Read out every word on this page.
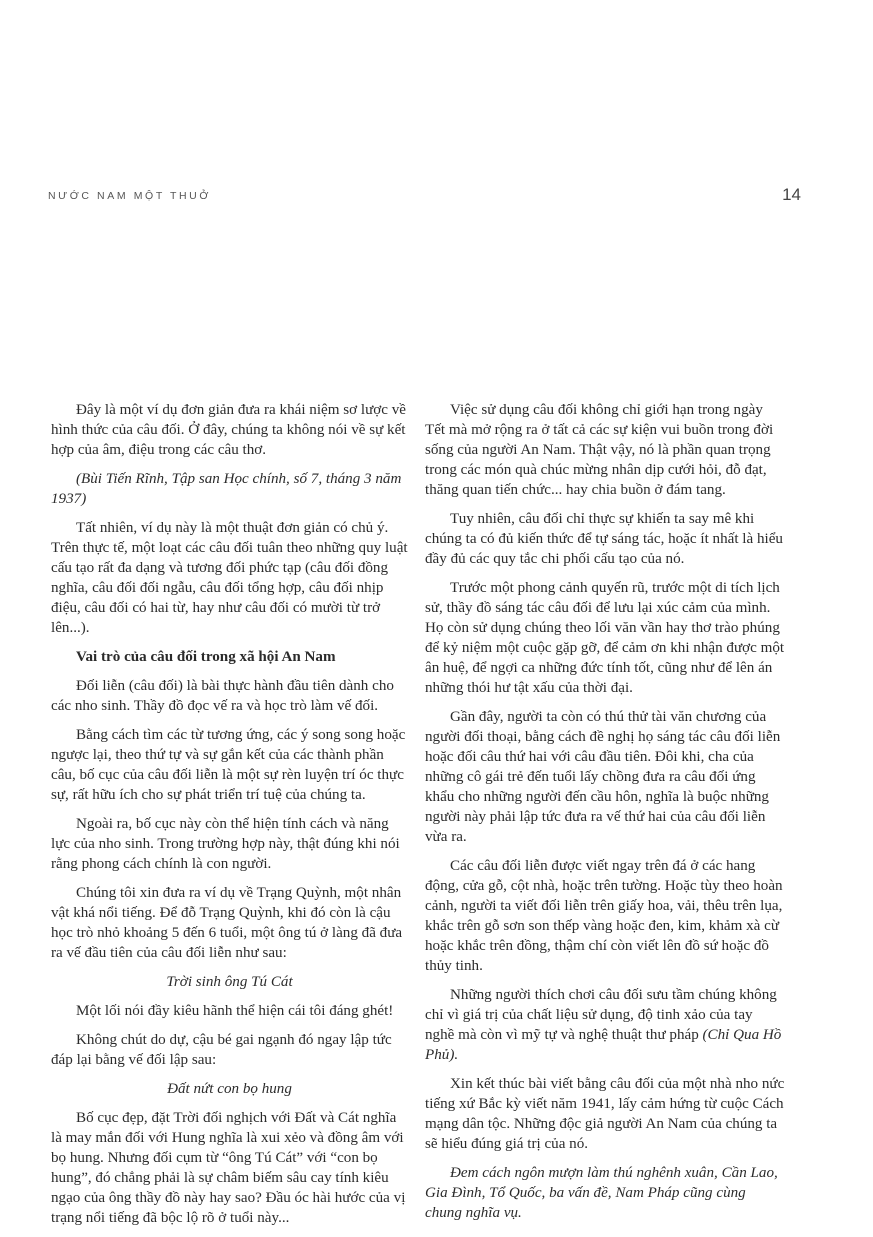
NƯỚC NAM MỘT THUỞ	14

Đây là một ví dụ đơn giản đưa ra khái niệm sơ lược về hình thức của câu đối. Ở đây, chúng ta không nói về sự kết hợp của âm, điệu trong các câu thơ.

(Bùi Tiến Rĩnh, Tập san Học chính, số 7, tháng 3 năm 1937)

Tất nhiên, ví dụ này là một thuật đơn giản có chủ ý. Trên thực tế, một loạt các câu đối tuân theo những quy luật cấu tạo rất đa dạng và tương đối phức tạp (câu đối đồng nghĩa, câu đối đối ngẫu, câu đối tổng hợp, câu đối nhịp điệu, câu đối có hai từ, hay như câu đối có mười từ trở lên...).

Vai trò của câu đối trong xã hội An Nam

Đối liễn (câu đối) là bài thực hành đầu tiên dành cho các nho sinh. Thầy đồ đọc vế ra và học trò làm vế đối.

Bằng cách tìm các từ tương ứng, các ý song song hoặc ngược lại, theo thứ tự và sự gắn kết của các thành phần câu, bố cục của câu đối liễn là một sự rèn luyện trí óc thực sự, rất hữu ích cho sự phát triển trí tuệ của chúng ta.

Ngoài ra, bố cục này còn thể hiện tính cách và năng lực của nho sinh. Trong trường hợp này, thật đúng khi nói rằng phong cách chính là con người.

Chúng tôi xin đưa ra ví dụ về Trạng Quỳnh, một nhân vật khá nổi tiếng. Để đỗ Trạng Quỳnh, khi đó còn là cậu học trò nhỏ khoảng 5 đến 6 tuổi, một ông tú ở làng đã đưa ra vế đầu tiên của câu đối liễn như sau:

Trời sinh ông Tú Cát

Một lối nói đầy kiêu hãnh thể hiện cái tôi đáng ghét!

Không chút do dự, cậu bé gai ngạnh đó ngay lập tức đáp lại bằng vế đối lập sau:

Đất nứt con bọ hung

Bố cục đẹp, đặt Trời đối nghịch với Đất và Cát nghĩa là may mắn đối với Hung nghĩa là xui xẻo và đồng âm với bọ hung. Nhưng đối cụm từ “ông Tú Cát” với “con bọ hung”, đó chẳng phải là sự châm biếm sâu cay tính kiêu ngạo của ông thầy đồ này hay sao? Đầu óc hài hước của vị trạng nổi tiếng đã bộc lộ rõ ở tuổi này...

Việc sử dụng câu đối không chỉ giới hạn trong ngày Tết mà mở rộng ra ở tất cả các sự kiện vui buồn trong đời sống của người An Nam. Thật vậy, nó là phần quan trọng trong các món quà chúc mừng nhân dịp cưới hỏi, đỗ đạt, thăng quan tiến chức... hay chia buồn ở đám tang.

Tuy nhiên, câu đối chỉ thực sự khiến ta say mê khi chúng ta có đủ kiến thức để tự sáng tác, hoặc ít nhất là hiểu đầy đủ các quy tắc chi phối cấu tạo của nó.

Trước một phong cảnh quyến rũ, trước một di tích lịch sử, thầy đồ sáng tác câu đối để lưu lại xúc cảm của mình. Họ còn sử dụng chúng theo lối văn vần hay thơ trào phúng để kỷ niệm một cuộc gặp gỡ, để cảm ơn khi nhận được một ân huệ, để ngợi ca những đức tính tốt, cũng như để lên án những thói hư tật xấu của thời đại.

Gần đây, người ta còn có thú thử tài văn chương của người đối thoại, bằng cách đề nghị họ sáng tác câu đối liễn hoặc đối câu thứ hai với câu đầu tiên. Đôi khi, cha của những cô gái trẻ đến tuổi lấy chồng đưa ra câu đối ứng khẩu cho những người đến cầu hôn, nghĩa là buộc những người này phải lập tức đưa ra vế thứ hai của câu đối liễn vừa ra.

Các câu đối liễn được viết ngay trên đá ở các hang động, cửa gỗ, cột nhà, hoặc trên tường. Hoặc tùy theo hoàn cảnh, người ta viết đối liễn trên giấy hoa, vải, thêu trên lụa, khắc trên gỗ sơn son thếp vàng hoặc đen, kim, khảm xà cừ hoặc khắc trên đồng, thậm chí còn viết lên đồ sứ hoặc đồ thủy tinh.

Những người thích chơi câu đối sưu tầm chúng không chỉ vì giá trị của chất liệu sử dụng, độ tinh xảo của tay nghề mà còn vì mỹ tự và nghệ thuật thư pháp (Chỉ Qua Hồ Phủ).

Xin kết thúc bài viết bằng câu đối của một nhà nho nức tiếng xứ Bắc kỳ viết năm 1941, lấy cảm hứng từ cuộc Cách mạng dân tộc. Những độc giả người An Nam của chúng ta sẽ hiểu đúng giá trị của nó.

Đem cách ngôn mượn làm thú nghênh xuân, Cần Lao, Gia Đình, Tổ Quốc, ba vấn đề, Nam Pháp cũng cùng chung nghĩa vụ.
